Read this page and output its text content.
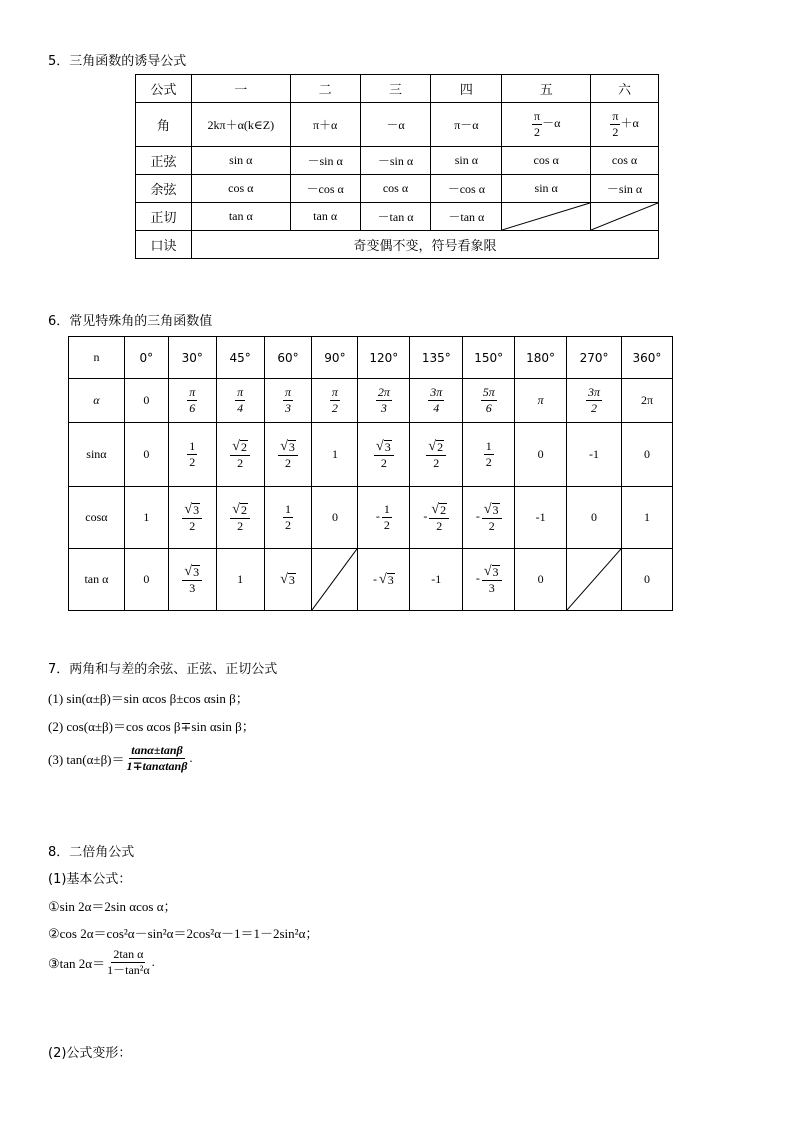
5．三角函数的诱导公式
公式	一	二	三	四	五	六
角	2kπ＋α(k∈Z)	π＋α	－α	π－α	$\frac{\pi}{2} -\alpha$	$\frac{\pi}{2} +\alpha$
正弦	sin α	－sin α	－sin α	sin α	cos α	cos α
余弦	cos α	－cos α	cos α	－cos α	sin α	－sin α
正切	tan α	tan α	－tan α	－tan α	

口诀	奇变偶不变，符号看象限					
6．常见特殊角的三角函数值
n	0°	30°	45°	60°	90°	120°	135°	150°	180°	270°	360°
α	0	$\frac{\pi}{6}$	$\frac{\pi}{4}$	$\frac{\pi}{3}$	$\frac{\pi}{2}$	$\frac{2\pi}{3}$	$\frac{3\pi}{4}$	$\frac{5\pi}{6}$	π	$\frac{3\pi}{2}$	2π
sinα	0	$\frac{1}{2}$	$\frac{√ 2}{2}$	$\frac{√ 3}{2}$	1	$\frac{√ 3}{2}$	$\frac{√ 2}{2}$	$\frac{1}{2}$	0	-1	0
cosα	1	$\frac{√ 3}{2}$	$\frac{√ 2}{2}$	$\frac{1}{2}$	0	- $\frac{1}{2}$	- $\frac{√ 2}{2}$	- $\frac{√ 3}{2}$	-1	0	1
tan α	0	$\frac{√ 3}{3}$	1	√ 3		- √ 3	-1	- $\frac{√ 3}{3}$	0		0
7．两角和与差的余弦、正弦、正切公式
(1) sin(α±β)＝sin αcos β±cos αsin β；
(2) cos(α±β)＝cos αcos β∓sin αsin β；
(3) $\tan(\alpha\pm\beta)= \frac{\tan\alpha\pm\tan\beta}{1\mp\tan\alpha\tan\beta}$ .
8．二倍角公式
(1)基本公式：
①sin 2α＝2sin αcos α；
②cos 2α＝cos²α－sin²α＝2cos²α－1＝1－2sin²α；
③tan $2\alpha= \frac{\text{2tan α}}{\text{1－tan²α}}$ .
(2)公式变形：
